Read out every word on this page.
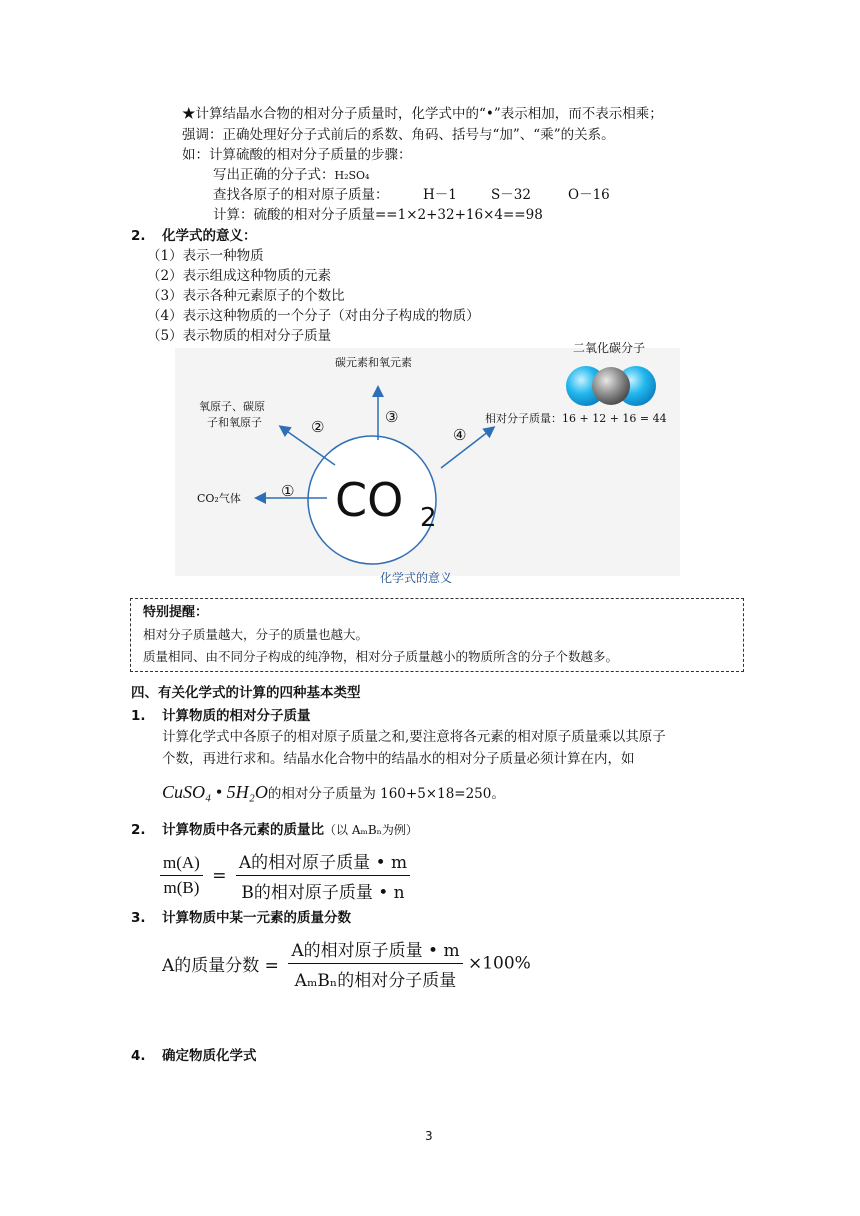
★计算结晶水合物的相对分子质量时，化学式中的“•”表示相加，而不表示相乘；
强调：正确处理好分子式前后的系数、角码、括号与“加”、“乘”的关系。
如：计算硫酸的相对分子质量的步骤：
写出正确的分子式：H₂SO₄
查找各原子的相对原子质量：	H－1	S－32	O－16
计算：硫酸的相对分子质量==1×2+32+16×4==98
2. 化学式的意义：
（1）表示一种物质
（2）表示组成这种物质的元素
（3）表示各种元素原子的个数比
（4）表示这种物质的一个分子（对由分子构成的物质）
（5）表示物质的相对分子质量
CO 2
①
②
③
④
CO₂气体
氧原子、碳原
子和氧原子
碳元素和氧元素
相对分子质量：16 + 12 + 16 = 44
二氧化碳分子
化学式的意义
特别提醒：
相对分子质量越大，分子的质量也越大。
质量相同、由不同分子构成的纯净物，相对分子质量越小的物质所含的分子个数越多。
四、有关化学式的计算的四种基本类型
1. 计算物质的相对分子质量
计算化学式中各原子的相对原子质量之和,要注意将各元素的相对原子质量乘以其原子
个数，再进行求和。结晶水化合物中的结晶水的相对分子质量必须计算在内，如
CuSO₄ • 5H₂O的相对分子质量为 160+5×18=250。
2. 计算物质中各元素的质量比（以 AₘBₙ为例）
$\frac{m(A)}{m(B)} = \frac{\text{A的相对原子质量 • m}}{\text{B的相对原子质量 • n}}$
3. 计算物质中某一元素的质量分数
A的质量分数 = $\frac{\text{A的相对原子质量 • m}}{\text{AₘBₙ的相对分子质量}} \times 100\%$
4. 确定物质化学式
3
